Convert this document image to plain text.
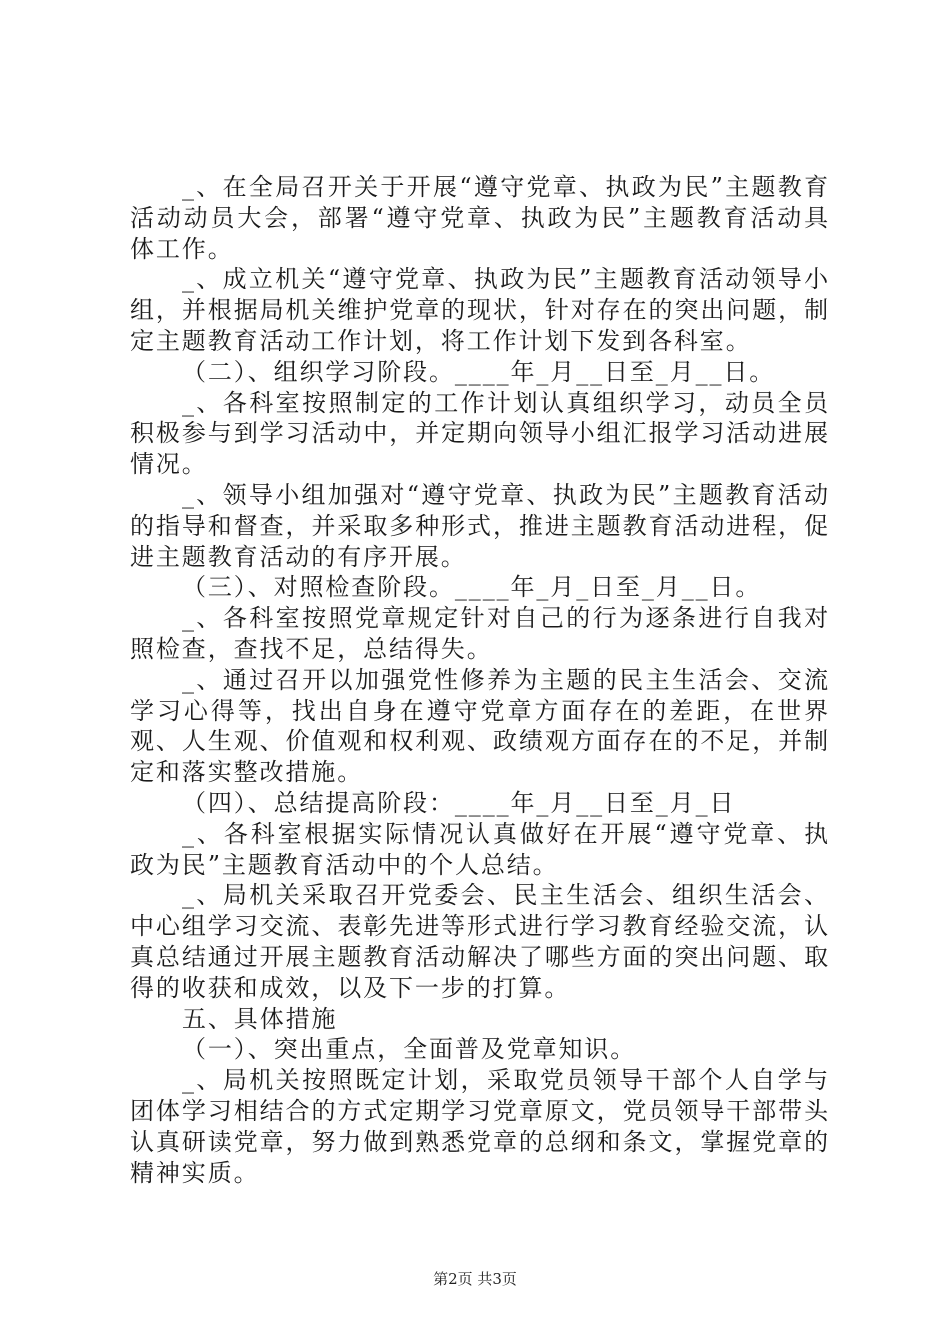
_、在全局召开关于开展“遵守党章、执政为民”主题教育活动动员大会，部署“遵守党章、执政为民”主题教育活动具体工作。

_、成立机关“遵守党章、执政为民”主题教育活动领导小组，并根据局机关维护党章的现状，针对存在的突出问题，制定主题教育活动工作计划，将工作计划下发到各科室。

（二）、组织学习阶段。____年_月__日至_月__日。

_、各科室按照制定的工作计划认真组织学习，动员全员积极参与到学习活动中，并定期向领导小组汇报学习活动进展情况。

_、领导小组加强对“遵守党章、执政为民”主题教育活动的指导和督查，并采取多种形式，推进主题教育活动进程，促进主题教育活动的有序开展。

（三）、对照检查阶段。____年_月_日至_月__日。

_、各科室按照党章规定针对自己的行为逐条进行自我对照检查，查找不足，总结得失。

_、通过召开以加强党性修养为主题的民主生活会、交流学习心得等，找出自身在遵守党章方面存在的差距，在世界观、人生观、价值观和权利观、政绩观方面存在的不足，并制定和落实整改措施。

（四）、总结提高阶段：____年_月__日至_月_日

_、各科室根据实际情况认真做好在开展“遵守党章、执政为民”主题教育活动中的个人总结。

_、局机关采取召开党委会、民主生活会、组织生活会、中心组学习交流、表彰先进等形式进行学习教育经验交流，认真总结通过开展主题教育活动解决了哪些方面的突出问题、取得的收获和成效，以及下一步的打算。

五、具体措施

（一）、突出重点，全面普及党章知识。

_、局机关按照既定计划，采取党员领导干部个人自学与团体学习相结合的方式定期学习党章原文，党员领导干部带头认真研读党章，努力做到熟悉党章的总纲和条文，掌握党章的精神实质。

第2页 共3页
